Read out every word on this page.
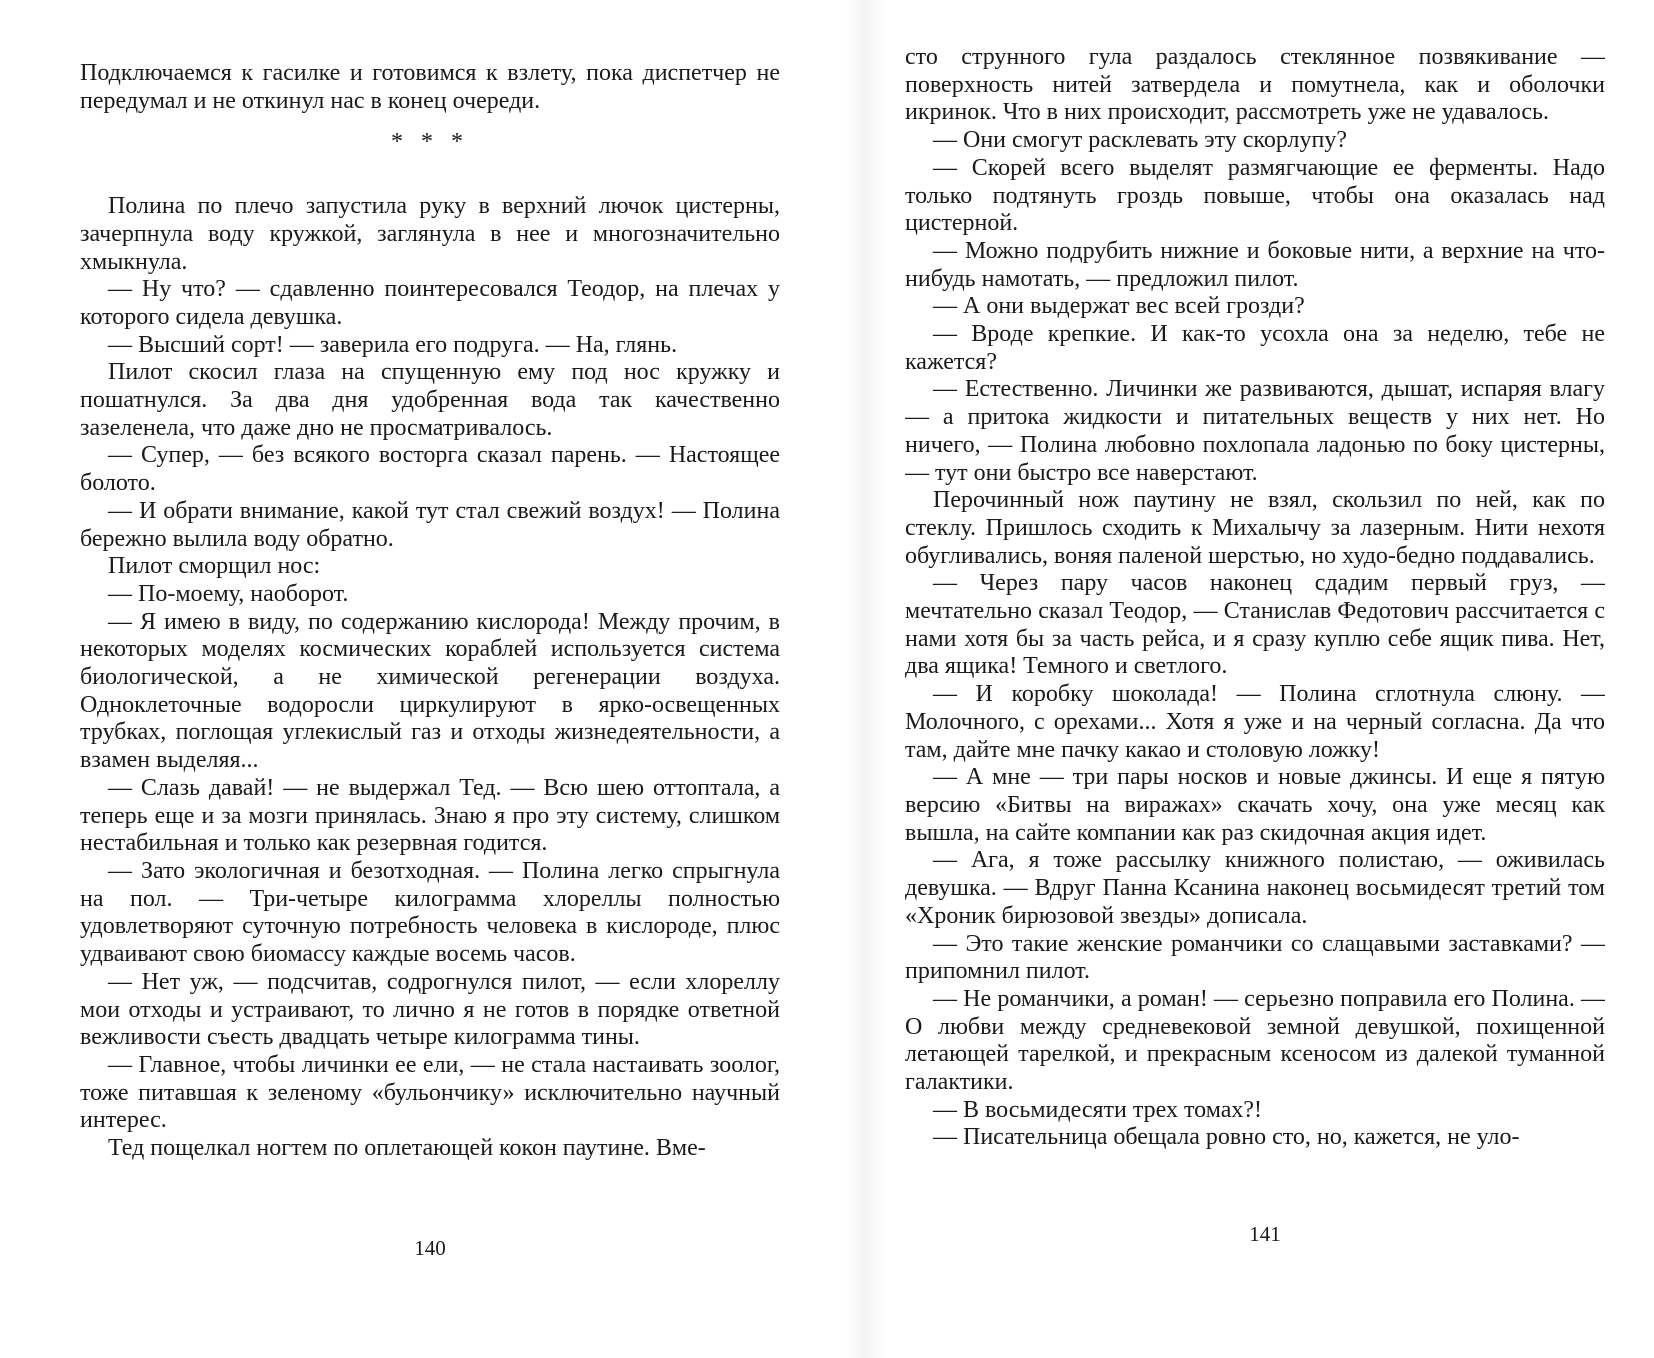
Подключаемся к гасилке и готовимся к взлету, пока диспетчер не передумал и не откинул нас в конец очереди.

* * *

Полина по плечо запустила руку в верхний лючок цистерны, зачерпнула воду кружкой, заглянула в нее и многозначительно хмыкнула.

— Ну что? — сдавленно поинтересовался Теодор, на плечах у которого сидела девушка.

— Высший сорт! — заверила его подруга. — На, глянь.

Пилот скосил глаза на спущенную ему под нос кружку и пошатнулся. За два дня удобренная вода так качественно зазеленела, что даже дно не просматривалось.

— Супер, — без всякого восторга сказал парень. — Настоящее болото.

— И обрати внимание, какой тут стал свежий воздух! — Полина бережно вылила воду обратно.

Пилот сморщил нос:

— По-моему, наоборот.

— Я имею в виду, по содержанию кислорода! Между прочим, в некоторых моделях космических кораблей используется система биологической, а не химической регенерации воздуха. Одноклеточные водоросли циркулируют в ярко-освещенных трубках, поглощая углекислый газ и отходы жизнедеятельности, а взамен выделяя...

— Слазь давай! — не выдержал Тед. — Всю шею оттоптала, а теперь еще и за мозги принялась. Знаю я про эту систему, слишком нестабильная и только как резервная годится.

— Зато экологичная и безотходная. — Полина легко спрыгнула на пол. — Три-четыре килограмма хлореллы полностью удовлетворяют суточную потребность человека в кислороде, плюс удваивают свою биомассу каждые восемь часов.

— Нет уж, — подсчитав, содрогнулся пилот, — если хлореллу мои отходы и устраивают, то лично я не готов в порядке ответной вежливости съесть двадцать четыре килограмма тины.

— Главное, чтобы личинки ее ели, — не стала настаивать зоолог, тоже питавшая к зеленому «бульончику» исключительно научный интерес.

Тед пощелкал ногтем по оплетающей кокон паутине. Вме-

140

сто струнного гула раздалось стеклянное позвякивание — поверхность нитей затвердела и помутнела, как и оболочки икринок. Что в них происходит, рассмотреть уже не удавалось.

— Они смогут расклевать эту скорлупу?

— Скорей всего выделят размягчающие ее ферменты. Надо только подтянуть гроздь повыше, чтобы она оказалась над цистерной.

— Можно подрубить нижние и боковые нити, а верхние на что-нибудь намотать, — предложил пилот.

— А они выдержат вес всей грозди?

— Вроде крепкие. И как-то усохла она за неделю, тебе не кажется?

— Естественно. Личинки же развиваются, дышат, испаряя влагу — а притока жидкости и питательных веществ у них нет. Но ничего, — Полина любовно похлопала ладонью по боку цистерны, — тут они быстро все наверстают.

Перочинный нож паутину не взял, скользил по ней, как по стеклу. Пришлось сходить к Михалычу за лазерным. Нити нехотя обугливались, воняя паленой шерстью, но худо-бедно поддавались.

— Через пару часов наконец сдадим первый груз, — мечтательно сказал Теодор, — Станислав Федотович рассчитается с нами хотя бы за часть рейса, и я сразу куплю себе ящик пива. Нет, два ящика! Темного и светлого.

— И коробку шоколада! — Полина сглотнула слюну. — Молочного, с орехами... Хотя я уже и на черный согласна. Да что там, дайте мне пачку какао и столовую ложку!

— А мне — три пары носков и новые джинсы. И еще я пятую версию «Битвы на виражах» скачать хочу, она уже месяц как вышла, на сайте компании как раз скидочная акция идет.

— Ага, я тоже рассылку книжного полистаю, — оживилась девушка. — Вдруг Панна Ксанина наконец восьмидесят третий том «Хроник бирюзовой звезды» дописала.

— Это такие женские романчики со слащавыми заставками? — припомнил пилот.

— Не романчики, а роман! — серьезно поправила его Полина. — О любви между средневековой земной девушкой, похищенной летающей тарелкой, и прекрасным ксеносом из далекой туманной галактики.

— В восьмидесяти трех томах?!

— Писательница обещала ровно сто, но, кажется, не уло-

141
